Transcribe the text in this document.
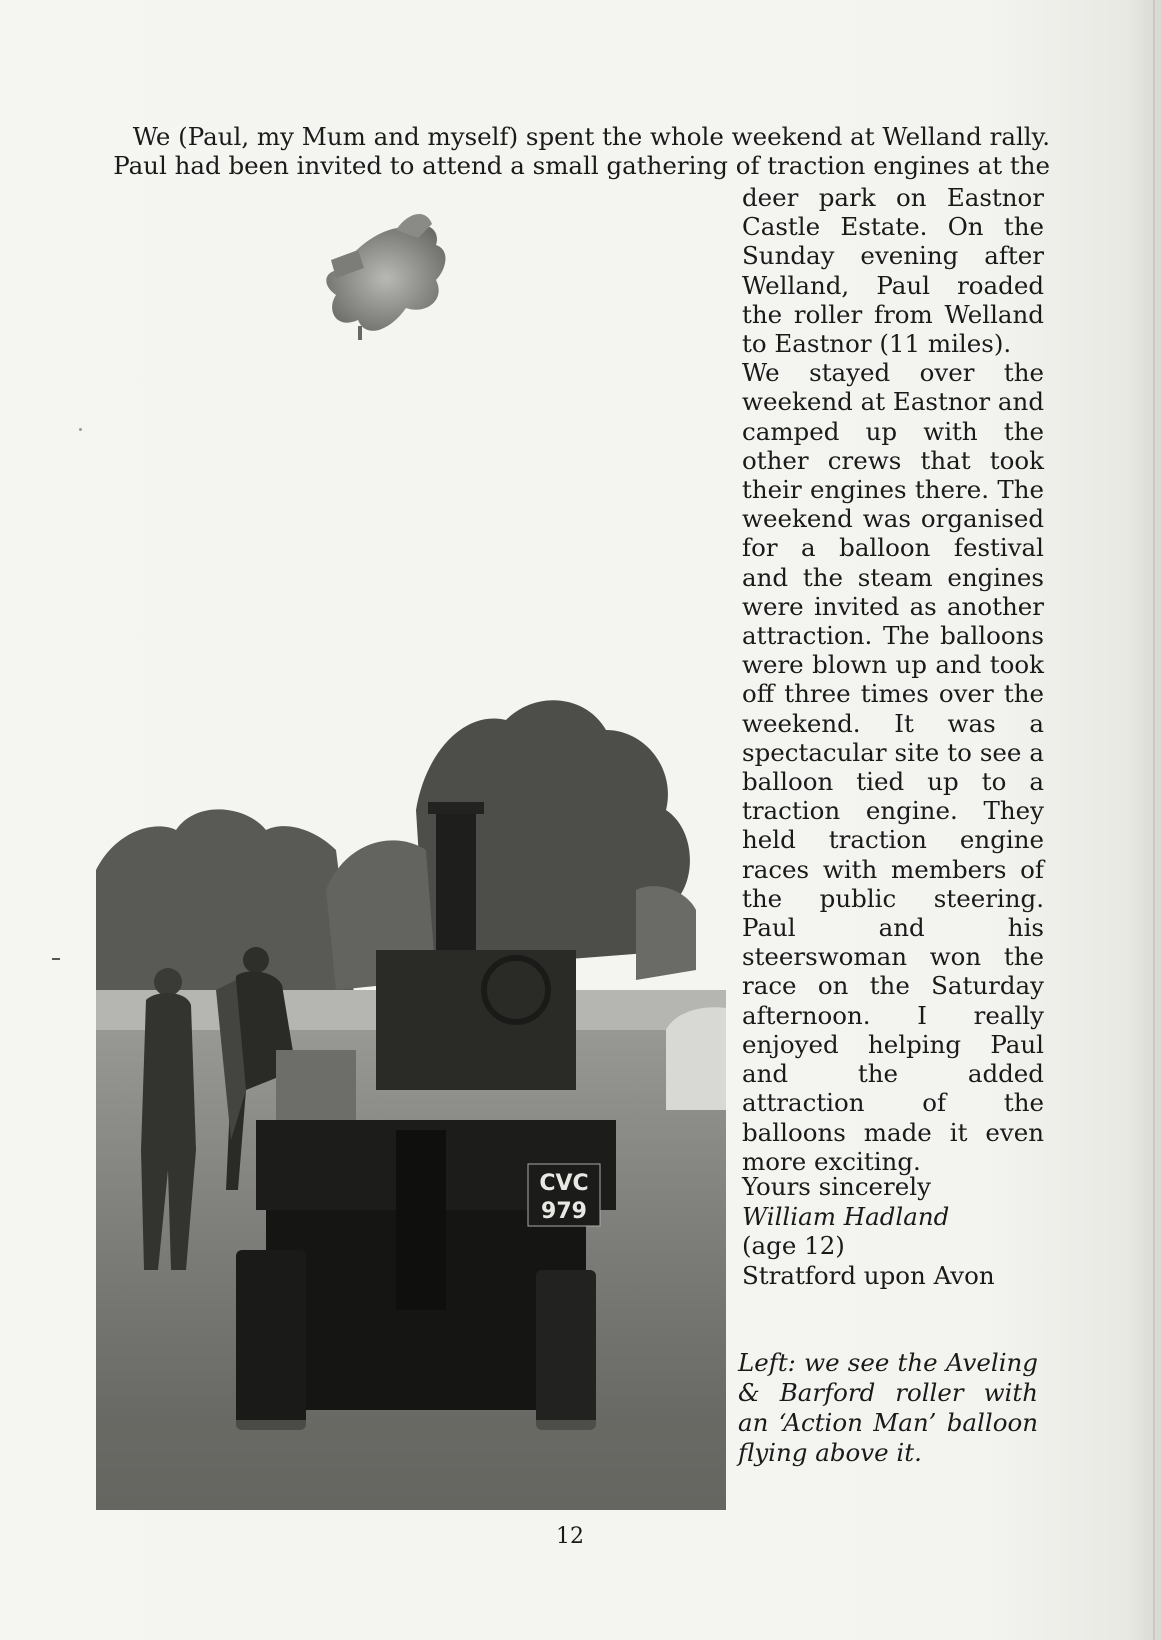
We (Paul, my Mum and myself) spent the whole weekend at Welland rally.
Paul had been invited to attend a small gathering of traction engines at the

deer park on Eastnor Castle Estate. On the Sunday evening after Welland, Paul roaded the roller from Welland to Eastnor (11 miles).

We stayed over the weekend at Eastnor and camped up with the other crews that took their engines there. The weekend was organised for a balloon festival and the steam engines were invited as another attraction. The balloons were blown up and took off three times over the weekend. It was a spectacular site to see a balloon tied up to a traction engine. They held traction engine races with members of the public steering. Paul and his steerswoman won the race on the Saturday afternoon. I really enjoyed helping Paul and the added attraction of the balloons made it even more exciting.

Yours sincerely
William Hadland
(age 12)
Stratford upon Avon

Left: we see the Aveling & Barford roller with an ‘Action Man’ balloon flying above it.

CVC
979
12
